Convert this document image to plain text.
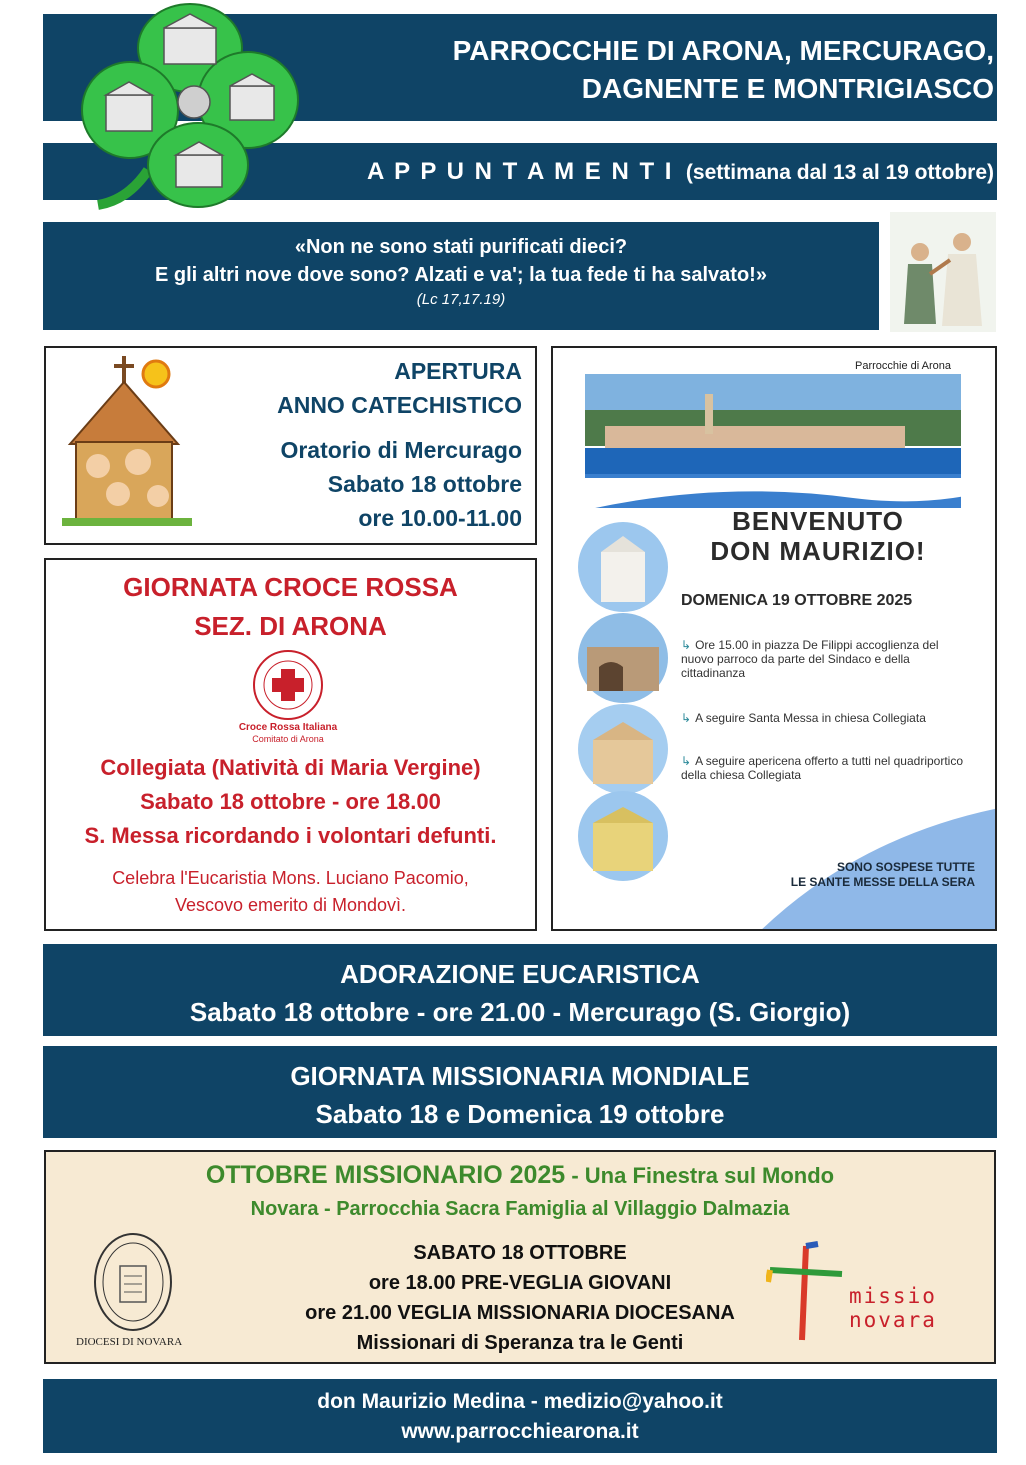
PARROCCHIE DI ARONA, MERCURAGO,
DAGNENTE E MONTRIGIASCO
A P P U N T A M E N T I (settimana dal 13 al 19 ottobre)
«Non ne sono stati purificati dieci?
E gli altri nove dove sono? Alzati e va'; la tua fede ti ha salvato!»
(Lc 17,17.19)
APERTURA
ANNO CATECHISTICO
Oratorio di Mercurago
Sabato 18 ottobre
ore 10.00-11.00
GIORNATA CROCE ROSSA
SEZ. DI ARONA
Croce Rossa Italiana
Comitato di Arona
Collegiata (Natività di Maria Vergine)
Sabato 18 ottobre - ore 18.00
S. Messa ricordando i volontari defunti.
Celebra l'Eucaristia Mons. Luciano Pacomio,
Vescovo emerito di Mondovì.
Parrocchie di Arona
BENVENUTO
DON MAURIZIO!
DOMENICA 19 OTTOBRE 2025
↳ Ore 15.00 in piazza De Filippi accoglienza del nuovo parroco da parte del Sindaco e della cittadinanza
↳ A seguire Santa Messa in chiesa Collegiata
↳ A seguire apericena offerto a tutti nel quadriportico della chiesa Collegiata
SONO SOSPESE TUTTE
LE SANTE MESSE DELLA SERA
ADORAZIONE EUCARISTICA
Sabato 18 ottobre - ore 21.00 - Mercurago (S. Giorgio)
GIORNATA MISSIONARIA MONDIALE
Sabato 18 e Domenica 19 ottobre
OTTOBRE MISSIONARIO 2025 - Una Finestra sul Mondo
Novara - Parrocchia Sacra Famiglia al Villaggio Dalmazia
SABATO 18 OTTOBRE
ore 18.00 PRE-VEGLIA GIOVANI
ore 21.00 VEGLIA MISSIONARIA DIOCESANA
Missionari di Speranza tra le Genti
DIOCESI DI NOVARA
missio
novara
don Maurizio Medina - medizio@yahoo.it
www.parrocchiearona.it
